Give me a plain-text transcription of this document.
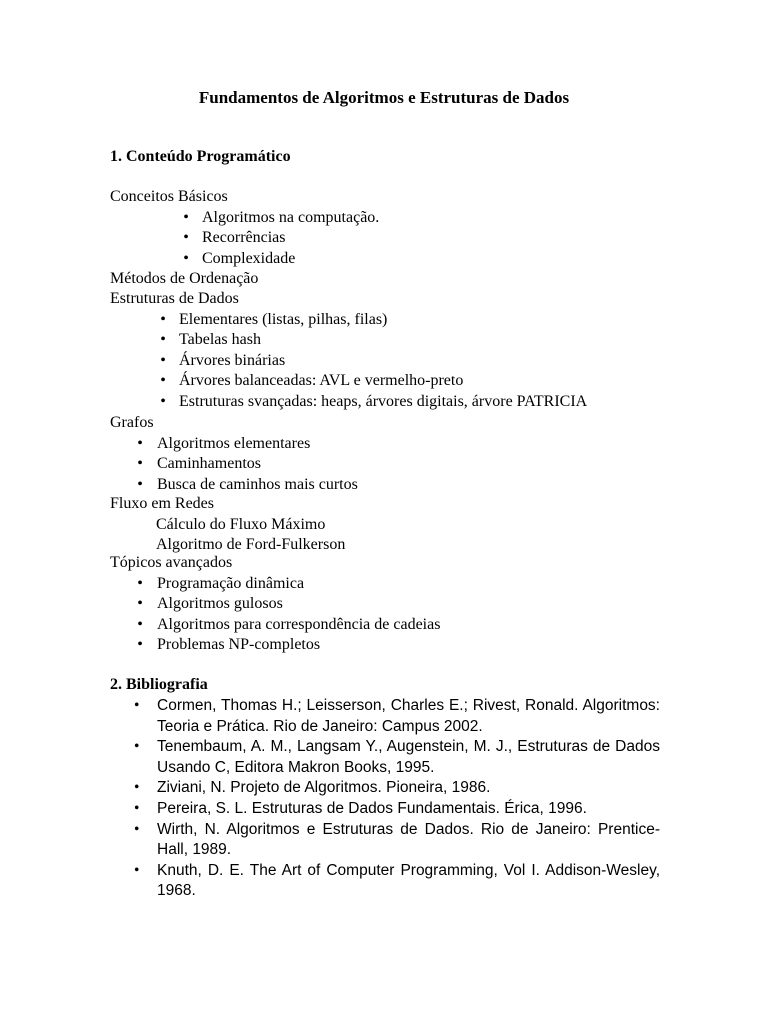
Fundamentos de Algoritmos e Estruturas de Dados
1. Conteúdo Programático

Conceitos Básicos

• Algoritmos na computação.
• Recorrências
• Complexidade

Métodos de Ordenação

Estruturas de Dados

• Elementares (listas, pilhas, filas)
• Tabelas hash
• Árvores binárias
• Árvores balanceadas: AVL e vermelho-preto
• Estruturas svançadas: heaps, árvores digitais, árvore PATRICIA

Grafos

• Algoritmos elementares
• Caminhamentos
• Busca de caminhos mais curtos

Fluxo em Redes

Cálculo do Fluxo Máximo
Algoritmo de Ford-Fulkerson

Tópicos avançados

• Programação dinâmica
• Algoritmos gulosos
• Algoritmos para correspondência de cadeias
• Problemas NP-completos
2. Bibliografia
•	Cormen, Thomas H.; Leisserson, Charles E.; Rivest, Ronald. Algoritmos: Teoria e Prática. Rio de Janeiro: Campus 2002.
•	Tenembaum, A. M., Langsam Y., Augenstein, M. J., Estruturas de Dados Usando C, Editora Makron Books, 1995.
•	Ziviani, N. Projeto de Algoritmos. Pioneira, 1986.
•	Pereira, S. L. Estruturas de Dados Fundamentais. Érica, 1996.
•	Wirth, N. Algoritmos e Estruturas de Dados. Rio de Janeiro: Prentice-Hall, 1989.
•	Knuth, D. E. The Art of Computer Programming, Vol I. Addison-Wesley, 1968.
